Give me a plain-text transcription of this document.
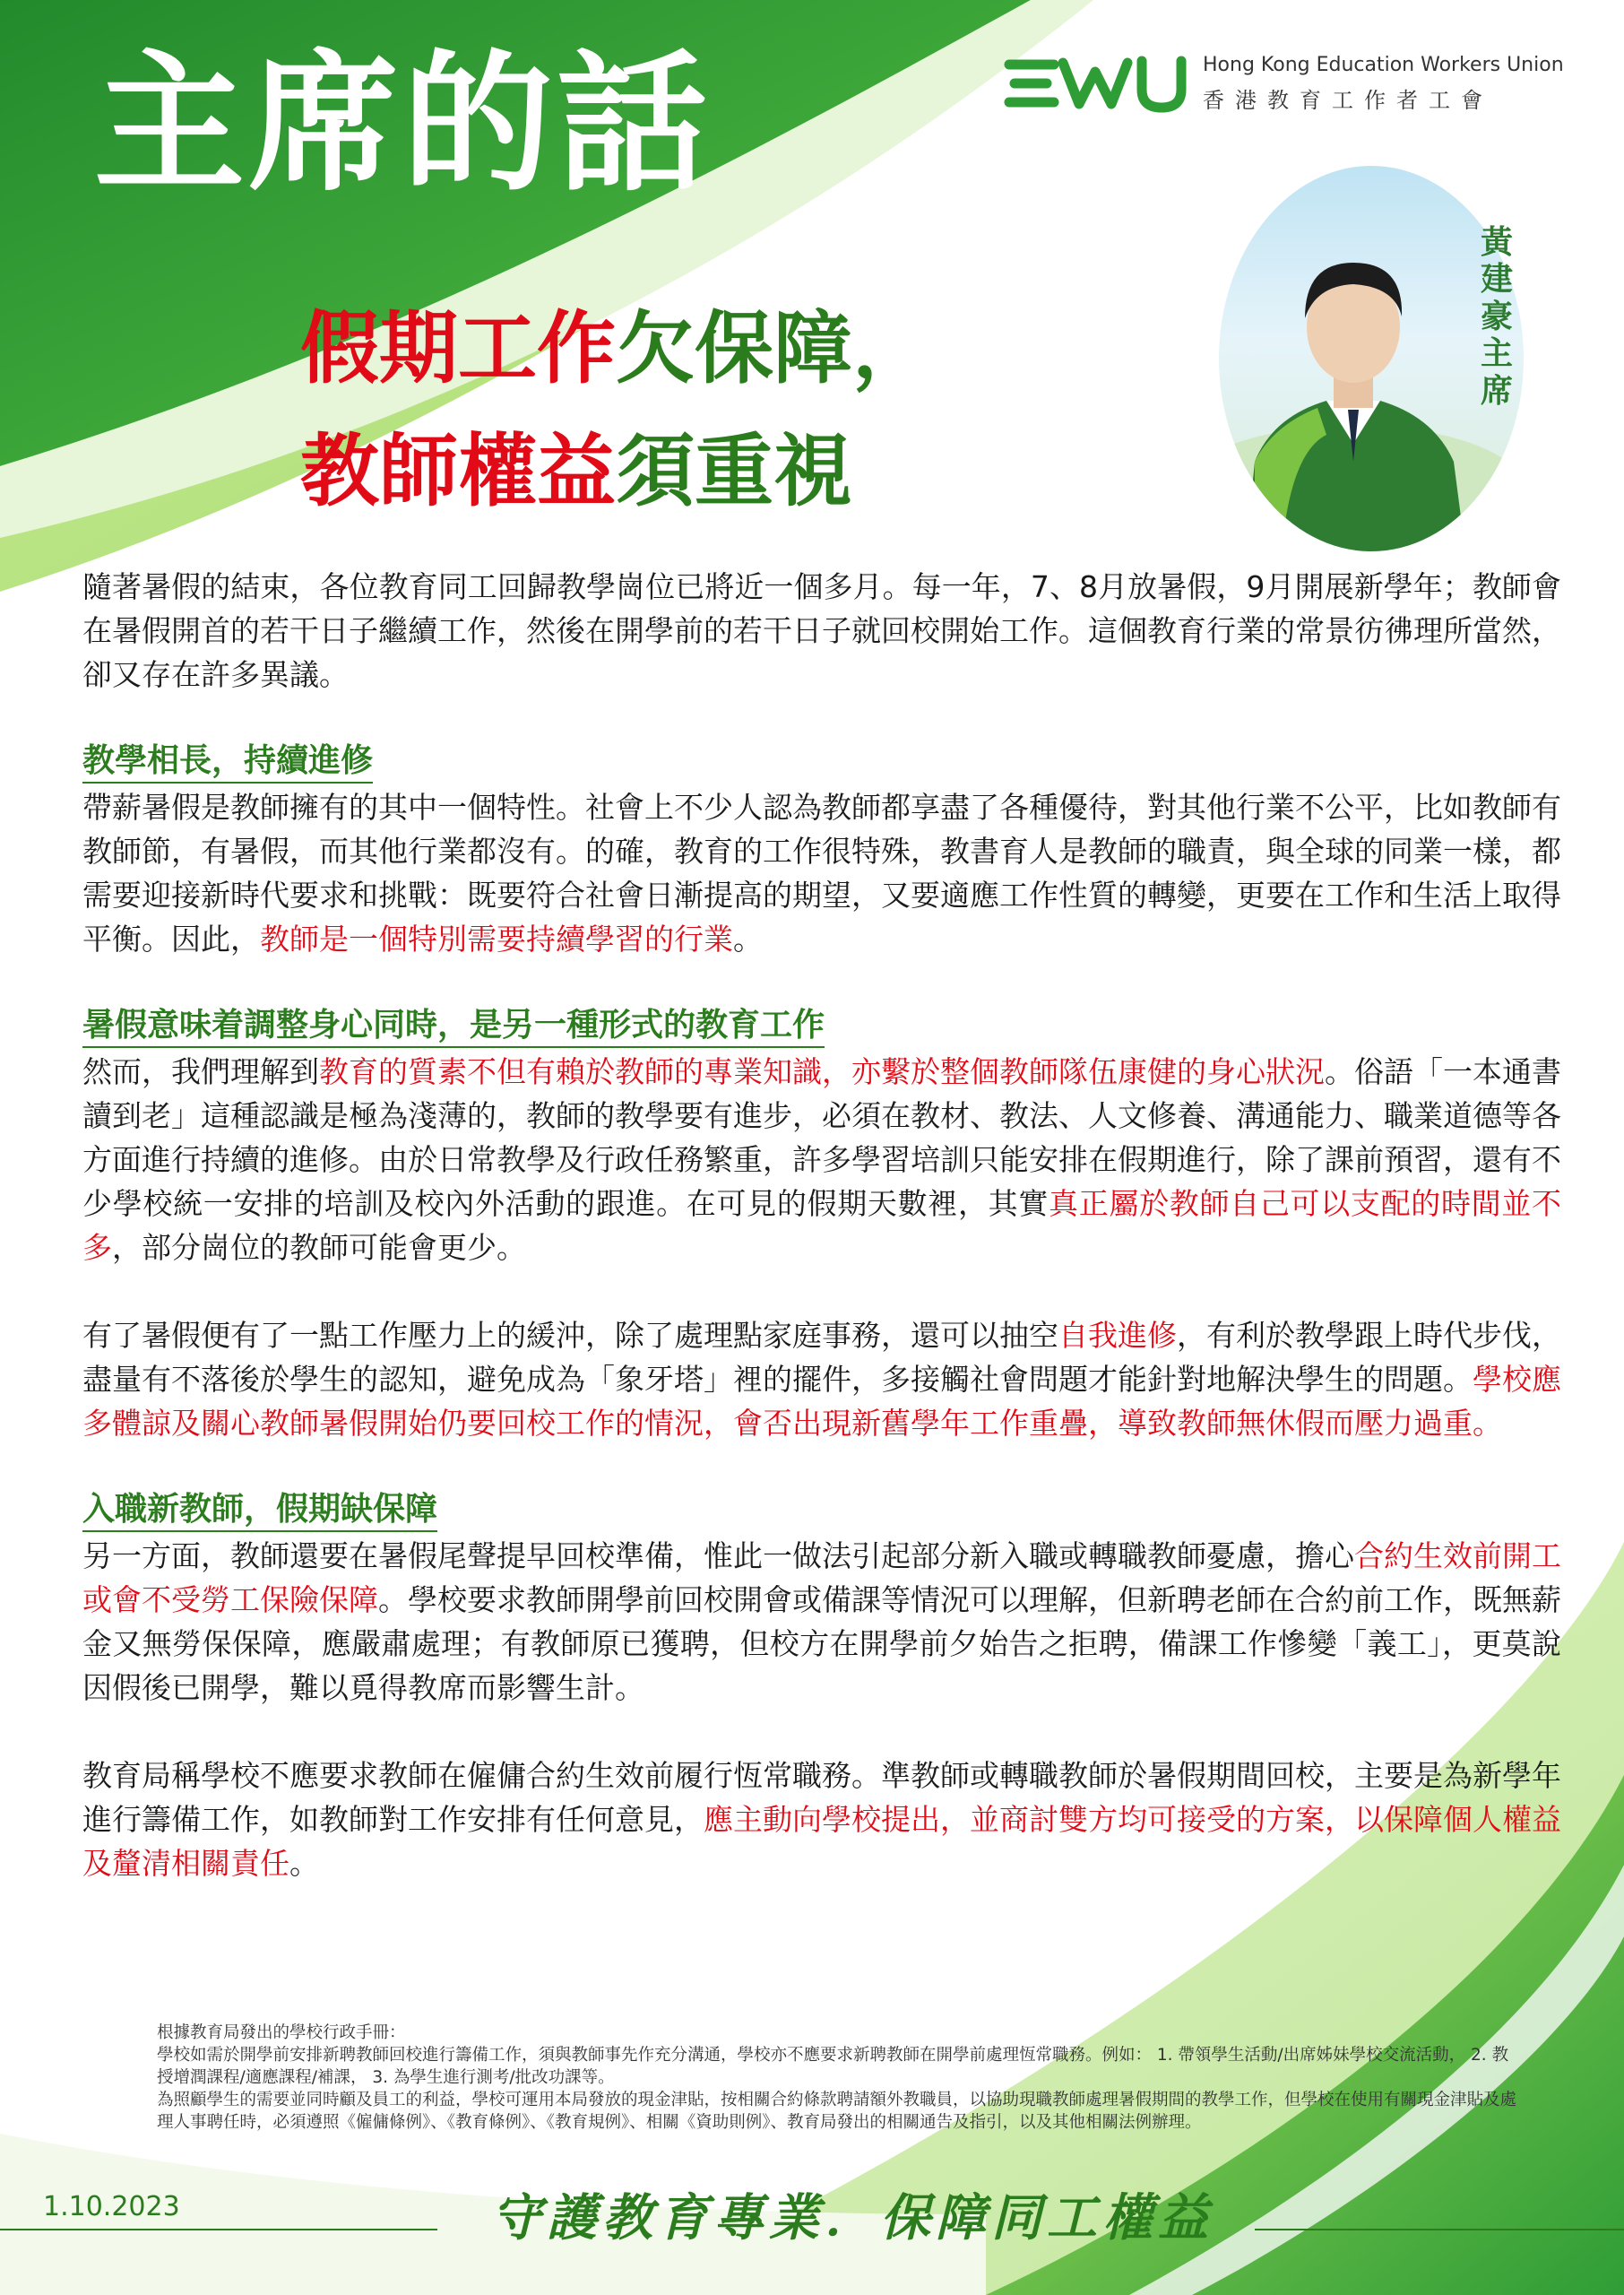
主席的話	Hong Kong Education Workers Union
香港教育工作者工會
黃建豪主席
假期工作欠保障，
教師權益須重視

隨著暑假的結束，各位教育同工回歸教學崗位已將近一個多月。每一年，7、8月放暑假，9月開展新學年；教師會在暑假開首的若干日子繼續工作，然後在開學前的若干日子就回校開始工作。這個教育行業的常景彷彿理所當然，卻又存在許多異議。

教學相長，持續進修

帶薪暑假是教師擁有的其中一個特性。社會上不少人認為教師都享盡了各種優待，對其他行業不公平，比如教師有教師節，有暑假，而其他行業都沒有。的確，教育的工作很特殊，教書育人是教師的職責，與全球的同業一樣，都需要迎接新時代要求和挑戰：既要符合社會日漸提高的期望，又要適應工作性質的轉變，更要在工作和生活上取得平衡。因此，教師是一個特別需要持續學習的行業。

暑假意味着調整身心同時，是另一種形式的教育工作

然而，我們理解到教育的質素不但有賴於教師的專業知識，亦繫於整個教師隊伍康健的身心狀況。俗語「一本通書讀到老」這種認識是極為淺薄的，教師的教學要有進步，必須在教材、教法、人文修養、溝通能力、職業道德等各方面進行持續的進修。由於日常教學及行政任務繁重，許多學習培訓只能安排在假期進行，除了課前預習，還有不少學校統一安排的培訓及校內外活動的跟進。在可見的假期天數裡，其實真正屬於教師自己可以支配的時間並不多，部分崗位的教師可能會更少。

有了暑假便有了一點工作壓力上的緩沖，除了處理點家庭事務，還可以抽空自我進修，有利於教學跟上時代步伐，盡量有不落後於學生的認知，避免成為「象牙塔」裡的擺件，多接觸社會問題才能針對地解決學生的問題。學校應多體諒及關心教師暑假開始仍要回校工作的情況，會否出現新舊學年工作重疊，導致教師無休假而壓力過重。

入職新教師，假期缺保障

另一方面，教師還要在暑假尾聲提早回校準備，惟此一做法引起部分新入職或轉職教師憂慮，擔心合約生效前開工或會不受勞工保險保障。學校要求教師開學前回校開會或備課等情況可以理解，但新聘老師在合約前工作，既無薪金又無勞保保障，應嚴肅處理；有教師原已獲聘，但校方在開學前夕始告之拒聘，備課工作慘變「義工」，更莫說因假後已開學，難以覓得教席而影響生計。

教育局稱學校不應要求教師在僱傭合約生效前履行恆常職務。準教師或轉職教師於暑假期間回校，主要是為新學年進行籌備工作，如教師對工作安排有任何意見，應主動向學校提出，並商討雙方均可接受的方案，以保障個人權益及釐清相關責任。

根據教育局發出的學校行政手冊：

學校如需於開學前安排新聘教師回校進行籌備工作，須與教師事先作充分溝通，學校亦不應要求新聘教師在開學前處理恆常職務。例如： 1. 帶領學生活動/出席姊妹學校交流活動， 2. 教授增潤課程/適應課程/補課， 3. 為學生進行測考/批改功課等。

為照顧學生的需要並同時顧及員工的利益，學校可運用本局發放的現金津貼，按相關合約條款聘請額外教職員，以協助現職教師處理暑假期間的教學工作，但學校在使用有關現金津貼及處理人事聘任時，必須遵照《僱傭條例》、《教育條例》、《教育規例》、相關《資助則例》、教育局發出的相關通告及指引，以及其他相關法例辦理。

1.10.2023	守護教育專業．保障同工權益
